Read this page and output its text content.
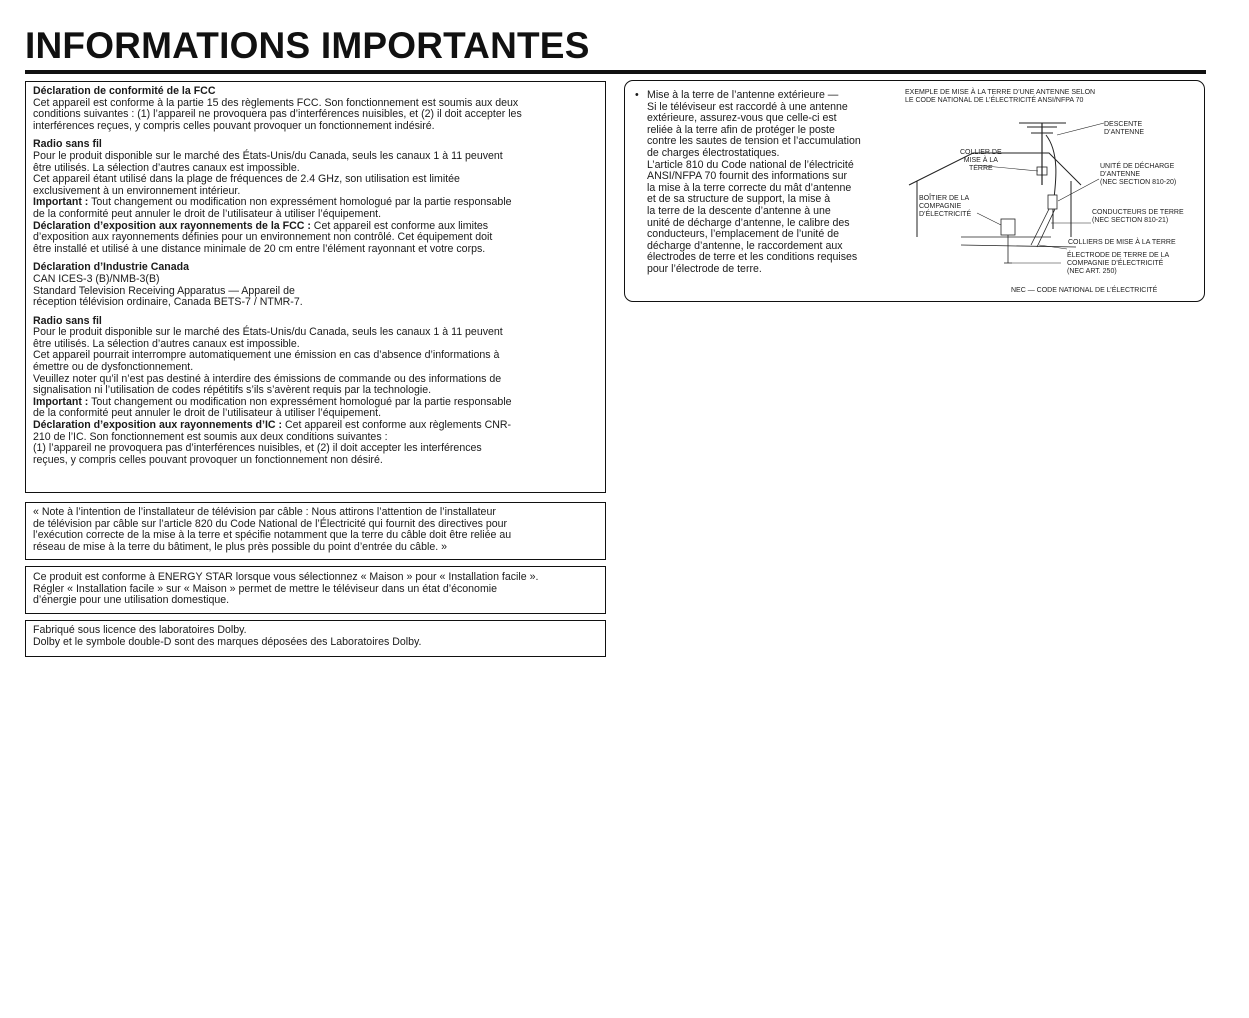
INFORMATIONS IMPORTANTES

Déclaration de conformité de la FCC

Cet appareil est conforme à la partie 15 des règlements FCC. Son fonctionnement est soumis aux deux

conditions suivantes : (1) l’appareil ne provoquera pas d’interférences nuisibles, et (2) il doit accepter les

interférences reçues, y compris celles pouvant provoquer un fonctionnement indésiré.

Radio sans fil

Pour le produit disponible sur le marché des États-Unis/du Canada, seuls les canaux 1 à 11 peuvent

être utilisés. La sélection d’autres canaux est impossible.

Cet appareil étant utilisé dans la plage de fréquences de 2.4 GHz, son utilisation est limitée

exclusivement à un environnement intérieur.

Important : Tout changement ou modification non expressément homologué par la partie responsable

de la conformité peut annuler le droit de l’utilisateur à utiliser l’équipement.

Déclaration d’exposition aux rayonnements de la FCC : Cet appareil est conforme aux limites

d’exposition aux rayonnements définies pour un environnement non contrôlé. Cet équipement doit

être installé et utilisé à une distance minimale de 20 cm entre l’élément rayonnant et votre corps.

Déclaration d’Industrie Canada

CAN ICES-3 (B)/NMB-3(B)

Standard Television Receiving Apparatus — Appareil de

réception télévision ordinaire, Canada BETS-7 / NTMR-7.

Radio sans fil

Pour le produit disponible sur le marché des États-Unis/du Canada, seuls les canaux 1 à 11 peuvent

être utilisés. La sélection d’autres canaux est impossible.

Cet appareil pourrait interrompre automatiquement une émission en cas d’absence d’informations à

émettre ou de dysfonctionnement.

Veuillez noter qu’il n’est pas destiné à interdire des émissions de commande ou des informations de

signalisation ni l’utilisation de codes répétitifs s’ils s’avèrent requis par la technologie.

Important : Tout changement ou modification non expressément homologué par la partie responsable

de la conformité peut annuler le droit de l’utilisateur à utiliser l’équipement.

Déclaration d’exposition aux rayonnements d’IC : Cet appareil est conforme aux règlements CNR-

210 de l’IC. Son fonctionnement est soumis aux deux conditions suivantes :

(1) l’appareil ne provoquera pas d’interférences nuisibles, et (2) il doit accepter les interférences

reçues, y compris celles pouvant provoquer un fonctionnement non désiré.

« Note à l’intention de l’installateur de télévision par câble : Nous attirons l’attention de l’installateur

de télévision par câble sur l’article 820 du Code National de l’Électricité qui fournit des directives pour

l’exécution correcte de la mise à la terre et spécifie notamment que la terre du câble doit être reliée au

réseau de mise à la terre du bâtiment, le plus près possible du point d’entrée du câble. »

Ce produit est conforme à ENERGY STAR lorsque vous sélectionnez « Maison » pour « Installation facile ».

Régler « Installation facile » sur « Maison » permet de mettre le téléviseur dans un état d’économie

d’énergie pour une utilisation domestique.

Fabriqué sous licence des laboratoires Dolby.

Dolby et le symbole double-D sont des marques déposées des Laboratoires Dolby.

• Mise à la terre de l’antenne extérieure —

Si le téléviseur est raccordé à une antenne

extérieure, assurez-vous que celle-ci est

reliée à la terre afin de protéger le poste

contre les sautes de tension et l’accumulation

de charges électrostatiques.

L’article 810 du Code national de l’électricité

ANSI/NFPA 70 fournit des informations sur

la mise à la terre correcte du mât d’antenne

et de sa structure de support, la mise à

la terre de la descente d’antenne à une

unité de décharge d’antenne, le calibre des

conducteurs, l’emplacement de l’unité de

décharge d’antenne, le raccordement aux

électrodes de terre et les conditions requises

pour l’électrode de terre.

EXEMPLE DE MISE À LA TERRE D’UNE ANTENNE SELON
LE CODE NATIONAL DE L’ÉLECTRICITÉ ANSI/NFPA 70
DESCENTE
D’ANTENNE
COLLIER DE
MISE À LA
TERRE	UNITÉ DE DÉCHARGE
D’ANTENNE
(NEC SECTION 810-20)
BOÎTIER DE LA
COMPAGNIE
D’ÉLECTRICITÉ	CONDUCTEURS DE TERRE
(NEC SECTION 810-21)
COLLIERS DE MISE À LA TERRE
ÉLECTRODE DE TERRE DE LA
COMPAGNIE D’ÉLECTRICITÉ
(NEC ART. 250)
NEC — CODE NATIONAL DE L’ÉLECTRICITÉ
